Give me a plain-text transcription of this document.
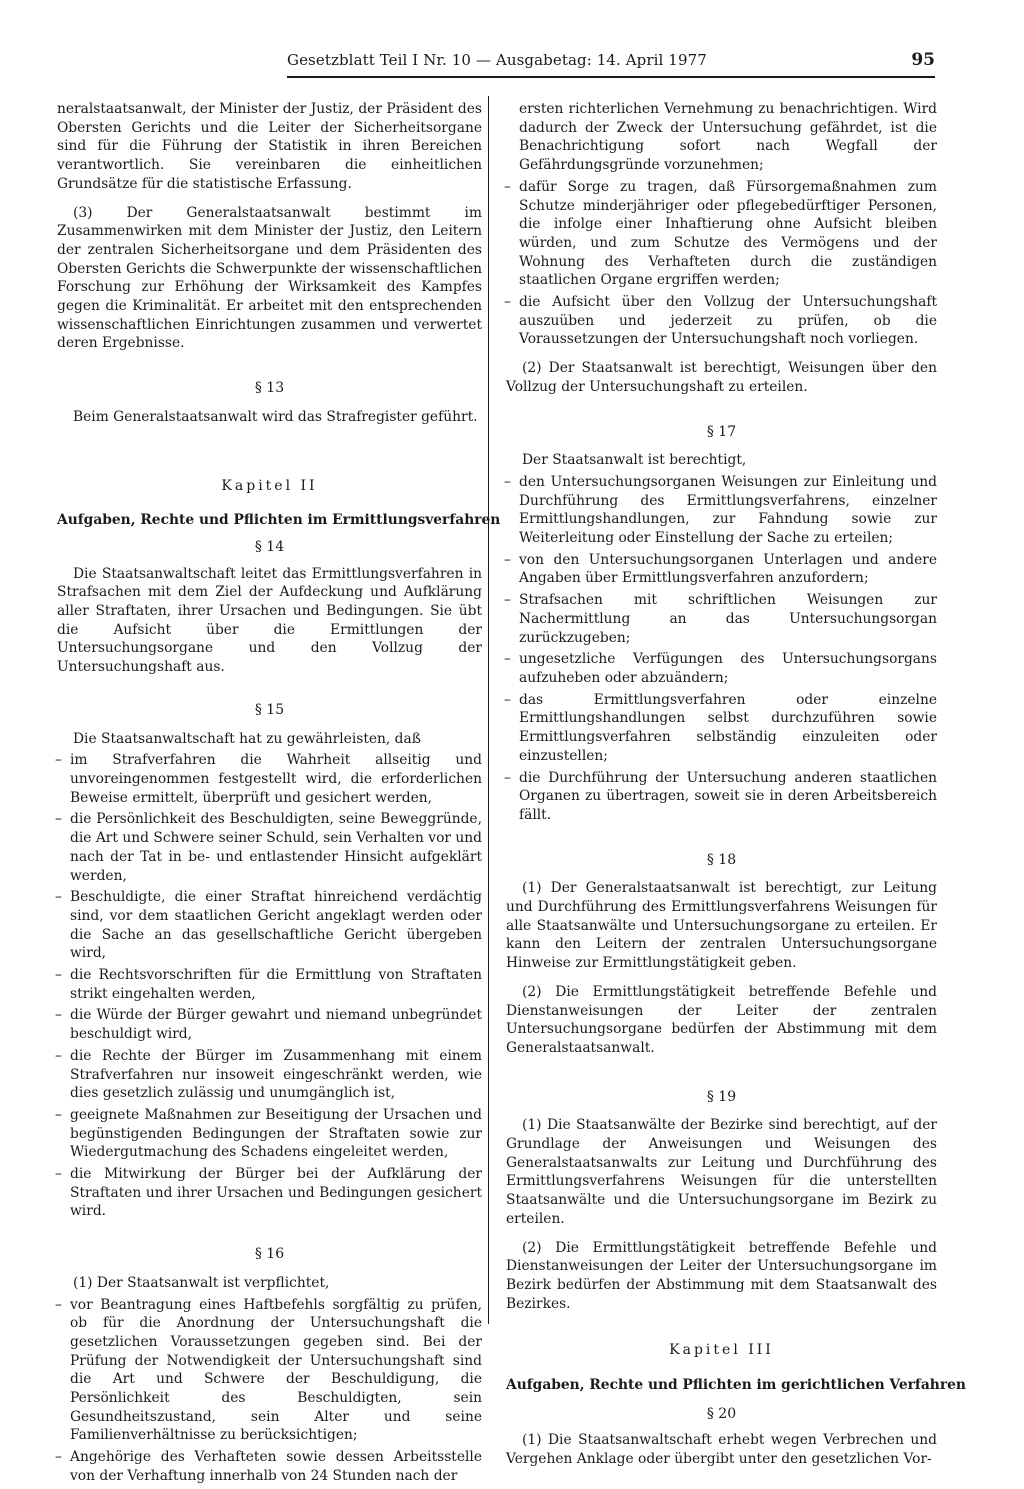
Gesetzblatt Teil I Nr. 10 — Ausgabetag: 14. April 1977	95

neralstaatsanwalt, der Minister der Justiz, der Präsident des Obersten Gerichts und die Leiter der Sicherheitsorgane sind für die Führung der Statistik in ihren Bereichen verantwortlich. Sie vereinbaren die einheitlichen Grundsätze für die statistische Erfassung.

(3) Der Generalstaatsanwalt bestimmt im Zusammenwirken mit dem Minister der Justiz, den Leitern der zentralen Sicherheitsorgane und dem Präsidenten des Obersten Gerichts die Schwerpunkte der wissenschaftlichen Forschung zur Erhöhung der Wirksamkeit des Kampfes gegen die Kriminalität. Er arbeitet mit den entsprechenden wissenschaftlichen Einrichtungen zusammen und verwertet deren Ergebnisse.

§ 13

Beim Generalstaatsanwalt wird das Strafregister geführt.

Kapitel II

Aufgaben, Rechte und Pflichten im Ermittlungsverfahren

§ 14

Die Staatsanwaltschaft leitet das Ermittlungsverfahren in Strafsachen mit dem Ziel der Aufdeckung und Aufklärung aller Straftaten, ihrer Ursachen und Bedingungen. Sie übt die Aufsicht über die Ermittlungen der Untersuchungsorgane und den Vollzug der Untersuchungshaft aus.

§ 15

Die Staatsanwaltschaft hat zu gewährleisten, daß

– im Strafverfahren die Wahrheit allseitig und unvoreingenommen festgestellt wird, die erforderlichen Beweise ermittelt, überprüft und gesichert werden,
– die Persönlichkeit des Beschuldigten, seine Beweggründe, die Art und Schwere seiner Schuld, sein Verhalten vor und nach der Tat in be- und entlastender Hinsicht aufgeklärt werden,
– Beschuldigte, die einer Straftat hinreichend verdächtig sind, vor dem staatlichen Gericht angeklagt werden oder die Sache an das gesellschaftliche Gericht übergeben wird,
– die Rechtsvorschriften für die Ermittlung von Straftaten strikt eingehalten werden,
– die Würde der Bürger gewahrt und niemand unbegründet beschuldigt wird,
– die Rechte der Bürger im Zusammenhang mit einem Strafverfahren nur insoweit eingeschränkt werden, wie dies gesetzlich zulässig und unumgänglich ist,
– geeignete Maßnahmen zur Beseitigung der Ursachen und begünstigenden Bedingungen der Straftaten sowie zur Wiedergutmachung des Schadens eingeleitet werden,
– die Mitwirkung der Bürger bei der Aufklärung der Straftaten und ihrer Ursachen und Bedingungen gesichert wird.

§ 16

(1) Der Staatsanwalt ist verpflichtet,

– vor Beantragung eines Haftbefehls sorgfältig zu prüfen, ob für die Anordnung der Untersuchungshaft die gesetzlichen Voraussetzungen gegeben sind. Bei der Prüfung der Notwendigkeit der Untersuchungshaft sind die Art und Schwere der Beschuldigung, die Persönlichkeit des Beschuldigten, sein Gesundheitszustand, sein Alter und seine Familienverhältnisse zu berücksichtigen;
– Angehörige des Verhafteten sowie dessen Arbeitsstelle von der Verhaftung innerhalb von 24 Stunden nach der

ersten richterlichen Vernehmung zu benachrichtigen. Wird dadurch der Zweck der Untersuchung gefährdet, ist die Benachrichtigung sofort nach Wegfall der Gefährdungsgründe vorzunehmen;

– dafür Sorge zu tragen, daß Fürsorgemaßnahmen zum Schutze minderjähriger oder pflegebedürftiger Personen, die infolge einer Inhaftierung ohne Aufsicht bleiben würden, und zum Schutze des Vermögens und der Wohnung des Verhafteten durch die zuständigen staatlichen Organe ergriffen werden;
– die Aufsicht über den Vollzug der Untersuchungshaft auszuüben und jederzeit zu prüfen, ob die Voraussetzungen der Untersuchungshaft noch vorliegen.

(2) Der Staatsanwalt ist berechtigt, Weisungen über den Vollzug der Untersuchungshaft zu erteilen.

§ 17

Der Staatsanwalt ist berechtigt,

– den Untersuchungsorganen Weisungen zur Einleitung und Durchführung des Ermittlungsverfahrens, einzelner Ermittlungshandlungen, zur Fahndung sowie zur Weiterleitung oder Einstellung der Sache zu erteilen;
– von den Untersuchungsorganen Unterlagen und andere Angaben über Ermittlungsverfahren anzufordern;
– Strafsachen mit schriftlichen Weisungen zur Nachermittlung an das Untersuchungsorgan zurückzugeben;
– ungesetzliche Verfügungen des Untersuchungsorgans aufzuheben oder abzuändern;
– das Ermittlungsverfahren oder einzelne Ermittlungshandlungen selbst durchzuführen sowie Ermittlungsverfahren selbständig einzuleiten oder einzustellen;
– die Durchführung der Untersuchung anderen staatlichen Organen zu übertragen, soweit sie in deren Arbeitsbereich fällt.

§ 18

(1) Der Generalstaatsanwalt ist berechtigt, zur Leitung und Durchführung des Ermittlungsverfahrens Weisungen für alle Staatsanwälte und Untersuchungsorgane zu erteilen. Er kann den Leitern der zentralen Untersuchungsorgane Hinweise zur Ermittlungstätigkeit geben.

(2) Die Ermittlungstätigkeit betreffende Befehle und Dienstanweisungen der Leiter der zentralen Untersuchungsorgane bedürfen der Abstimmung mit dem Generalstaatsanwalt.

§ 19

(1) Die Staatsanwälte der Bezirke sind berechtigt, auf der Grundlage der Anweisungen und Weisungen des Generalstaatsanwalts zur Leitung und Durchführung des Ermittlungsverfahrens Weisungen für die unterstellten Staatsanwälte und die Untersuchungsorgane im Bezirk zu erteilen.

(2) Die Ermittlungstätigkeit betreffende Befehle und Dienstanweisungen der Leiter der Untersuchungsorgane im Bezirk bedürfen der Abstimmung mit dem Staatsanwalt des Bezirkes.

Kapitel III

Aufgaben, Rechte und Pflichten im gerichtlichen Verfahren

§ 20

(1) Die Staatsanwaltschaft erhebt wegen Verbrechen und Vergehen Anklage oder übergibt unter den gesetzlichen Vor-
